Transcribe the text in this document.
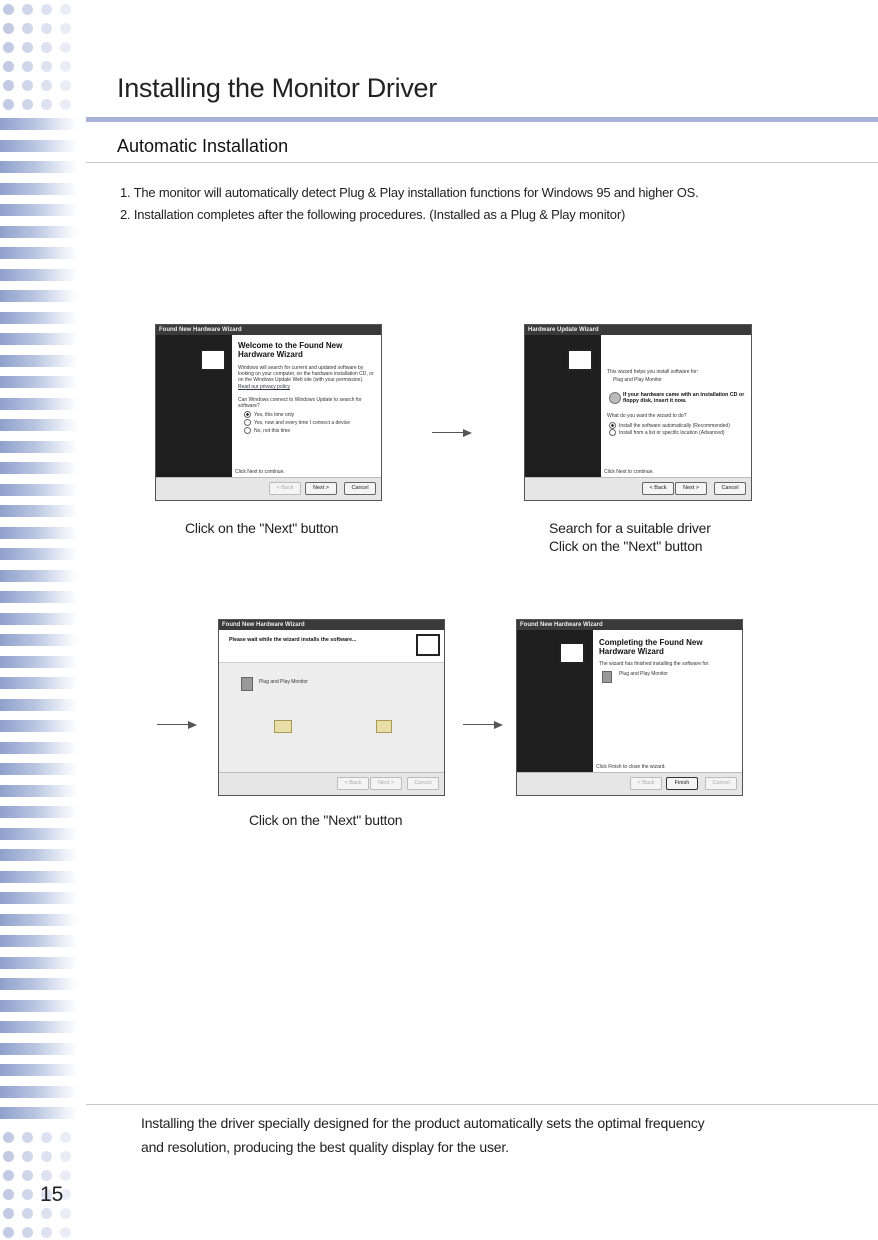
Installing the Monitor Driver
Automatic Installation
1. The monitor will automatically detect Plug & Play installation functions for Windows 95 and higher OS.
2. Installation completes after the following procedures. (Installed as a Plug & Play monitor)
Found New Hardware Wizard
Welcome to the Found New Hardware Wizard
Windows will search for current and updated software by looking on your computer, on the hardware installation CD, or on the Windows Update Web site (with your permission).
Read our privacy policy
Can Windows connect to Windows Update to search for software?
Yes, this time only
Yes, now and every time I connect a device
No, not this time
Click Next to continue.
< Back	Next >	Cancel
Hardware Update Wizard
This wizard helps you install software for:
Plug and Play Monitor
If your hardware came with an installation CD or floppy disk, insert it now.
What do you want the wizard to do?
Install the software automatically (Recommended)
Install from a list or specific location (Advanced)
Click Next to continue.
< Back	Next >	Cancel
Click on the "Next" button	Search for a suitable driver
Click on the "Next" button
Found New Hardware Wizard
Please wait while the wizard installs the software...
Plug and Play Monitor
< Back	Next >	Cancel
Found New Hardware Wizard
Completing the Found New Hardware Wizard
The wizard has finished installing the software for:
Plug and Play Monitor
Click Finish to close the wizard.
< Back	Finish	Cancel
Click on the "Next" button
Installing the driver specially designed for the product automatically sets the optimal frequency
and resolution, producing the best quality display for the user.
15
